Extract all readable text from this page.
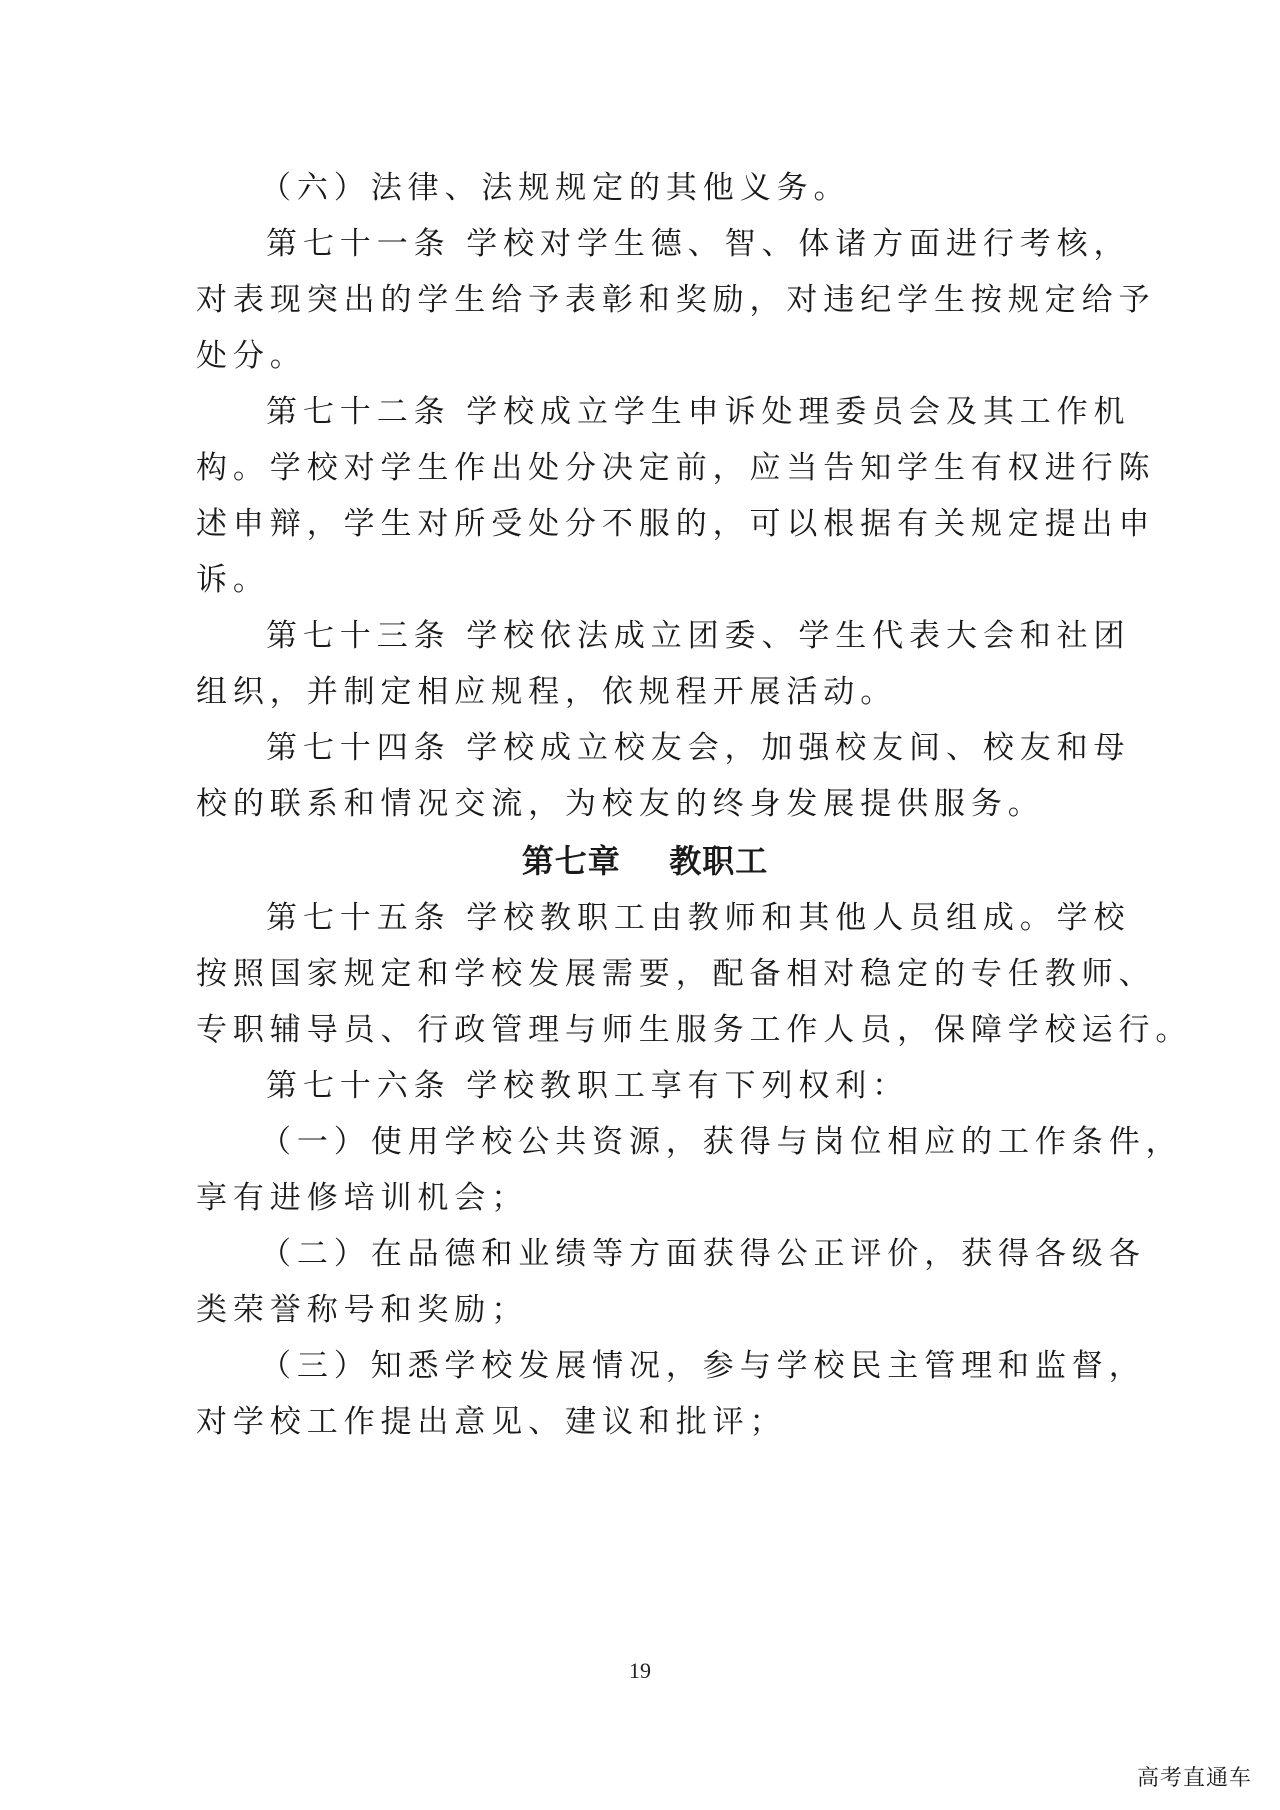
（六）法律、法规规定的其他义务。
第七十一条 学校对学生德、智、体诸方面进行考核，
对表现突出的学生给予表彰和奖励，对违纪学生按规定给予
处分。
第七十二条 学校成立学生申诉处理委员会及其工作机
构。学校对学生作出处分决定前，应当告知学生有权进行陈
述申辩，学生对所受处分不服的，可以根据有关规定提出申
诉。
第七十三条 学校依法成立团委、学生代表大会和社团
组织，并制定相应规程，依规程开展活动。
第七十四条 学校成立校友会，加强校友间、校友和母
校的联系和情况交流，为校友的终身发展提供服务。
第七章    教职工
第七十五条 学校教职工由教师和其他人员组成。学校
按照国家规定和学校发展需要，配备相对稳定的专任教师、
专职辅导员、行政管理与师生服务工作人员，保障学校运行。
第七十六条 学校教职工享有下列权利：
（一）使用学校公共资源，获得与岗位相应的工作条件，
享有进修培训机会；
（二）在品德和业绩等方面获得公正评价，获得各级各
类荣誉称号和奖励；
（三）知悉学校发展情况，参与学校民主管理和监督，
对学校工作提出意见、建议和批评；
19
高考直通车
